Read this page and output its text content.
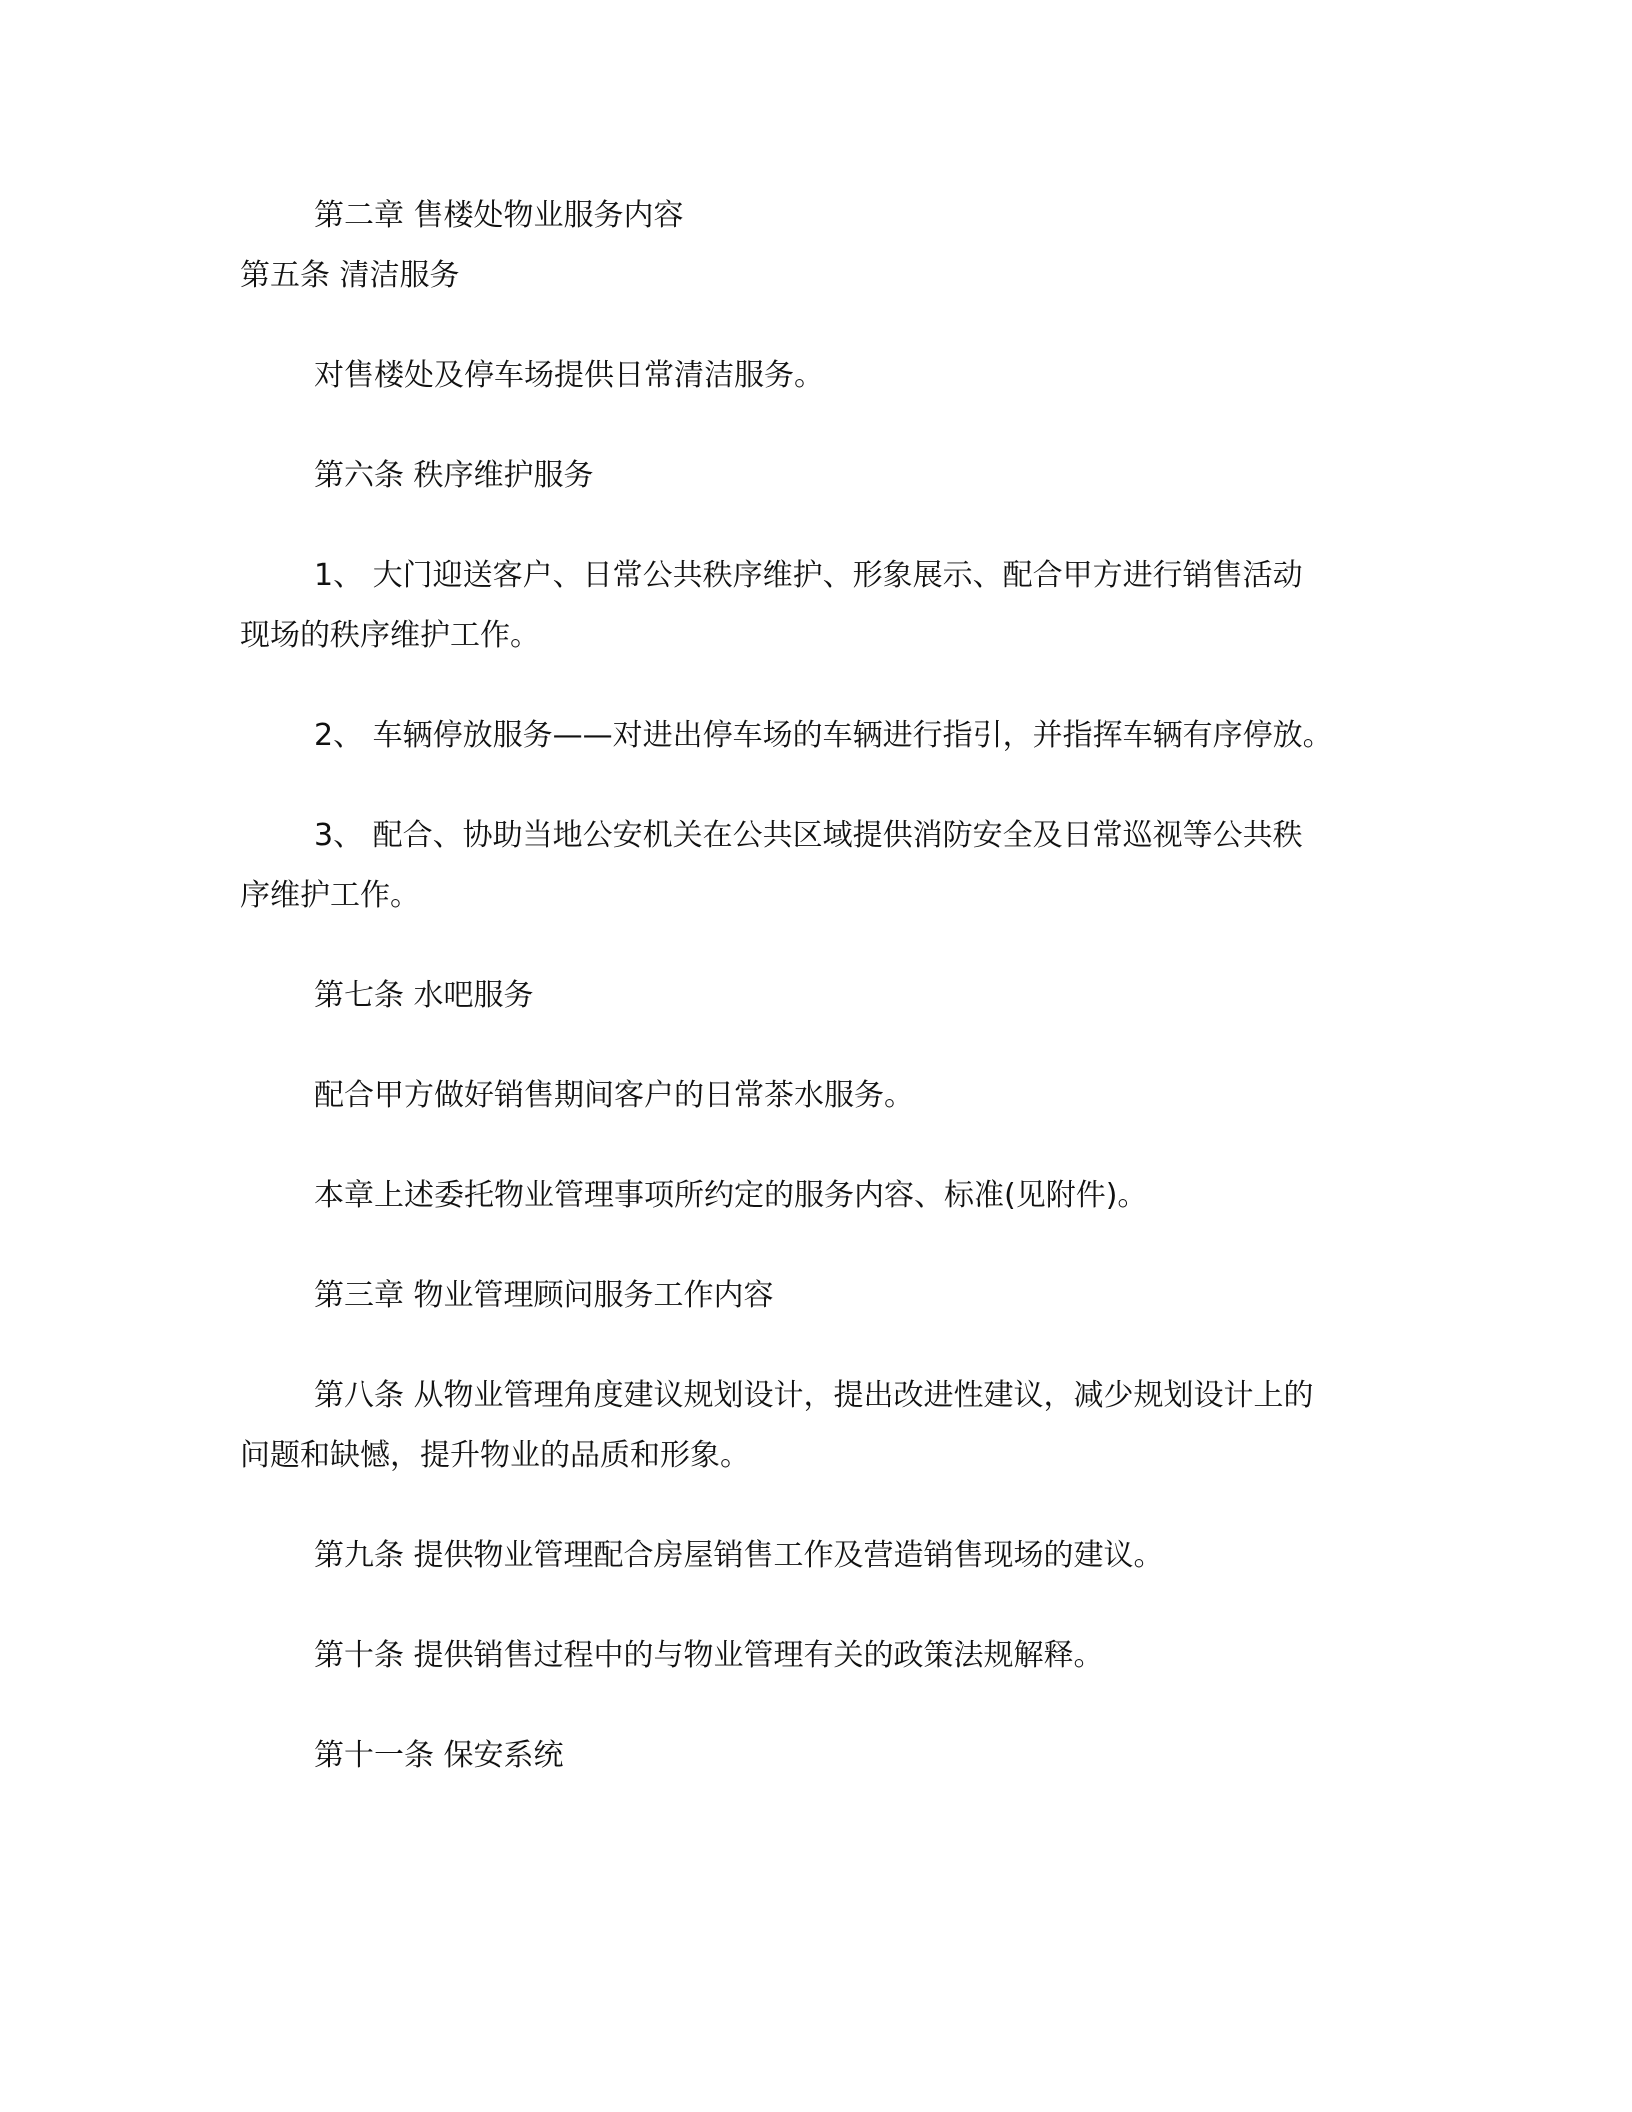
第二章 售楼处物业服务内容
第五条 清洁服务
对售楼处及停车场提供日常清洁服务。
第六条 秩序维护服务
1、 大门迎送客户、日常公共秩序维护、形象展示、配合甲方进行销售活动
现场的秩序维护工作。
2、 车辆停放服务——对进出停车场的车辆进行指引，并指挥车辆有序停放。
3、 配合、协助当地公安机关在公共区域提供消防安全及日常巡视等公共秩
序维护工作。
第七条 水吧服务
配合甲方做好销售期间客户的日常茶水服务。
本章上述委托物业管理事项所约定的服务内容、标准(见附件)。
第三章 物业管理顾问服务工作内容
第八条 从物业管理角度建议规划设计，提出改进性建议，减少规划设计上的
问题和缺憾，提升物业的品质和形象。
第九条 提供物业管理配合房屋销售工作及营造销售现场的建议。
第十条 提供销售过程中的与物业管理有关的政策法规解释。
第十一条 保安系统
